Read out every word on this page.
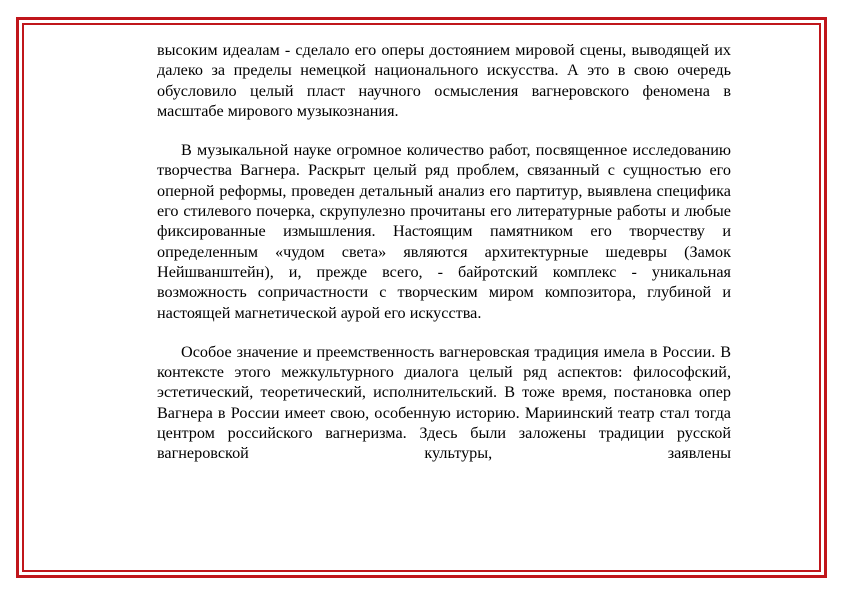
высоким идеалам - сделало его оперы достоянием мировой сцены, выводящей их далеко за пределы немецкой национального искусства. А это в свою очередь обусловило целый пласт научного осмысления вагнеровского феномена в масштабе мирового музыкознания.

В музыкальной науке огромное количество работ, посвященное исследованию творчества Вагнера. Раскрыт целый ряд проблем, связанный с сущностью его оперной реформы, проведен детальный анализ его партитур, выявлена специфика его стилевого почерка, скрупулезно прочитаны его литературные работы и любые фиксированные измышления. Настоящим памятником его творчеству и определенным «чудом света» являются архитектурные шедевры (Замок Нейшванштейн), и, прежде всего, - байротский комплекс - уникальная возможность сопричастности с творческим миром композитора, глубиной и настоящей магнетической аурой его искусства.

Особое значение и преемственность вагнеровская традиция имела в России. В контексте этого межкультурного диалога целый ряд аспектов: философский, эстетический, теоретический, исполнительский. В тоже время, постановка опер Вагнера в России имеет свою, особенную историю. Мариинский театр стал тогда центром российского вагнеризма. Здесь были заложены традиции русской вагнеровской культуры, заявлены
